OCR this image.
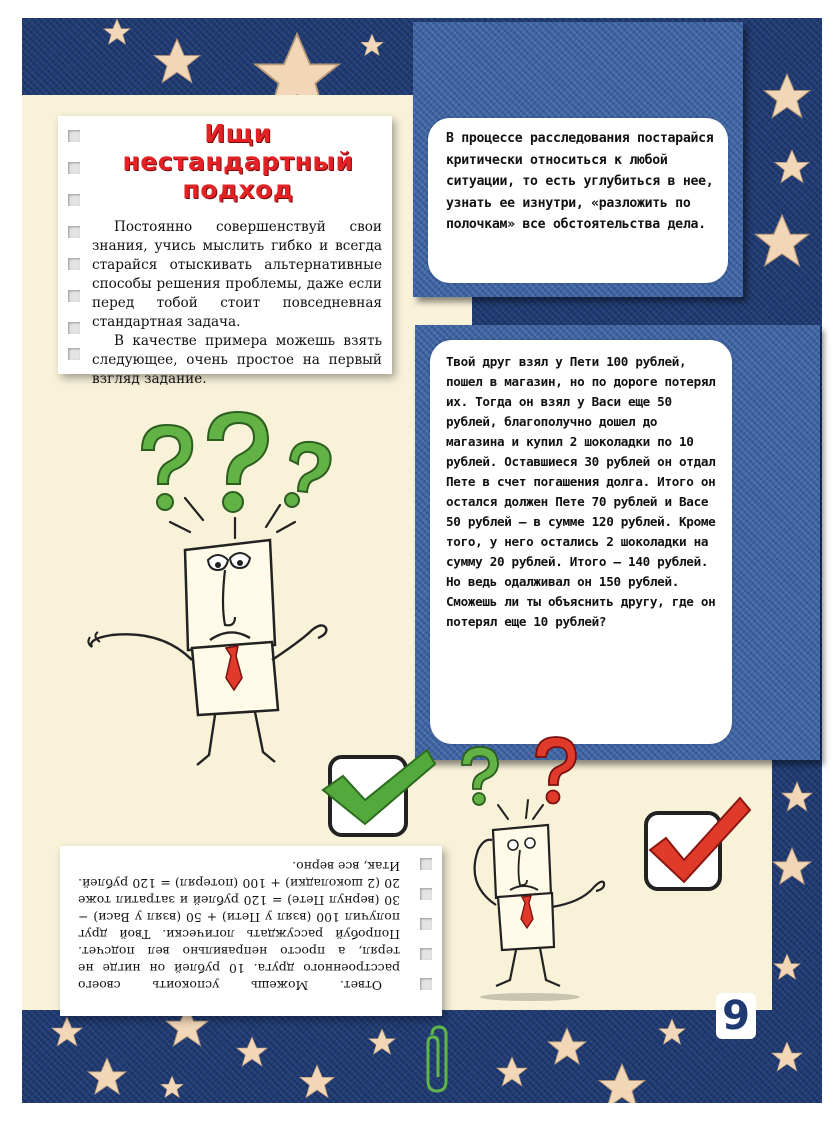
В процессе расследования постарайся критически относиться к любой ситуации, то есть углубиться в нее, узнать ее изнутри, «разложить по полочкам» все обстоятельства дела.

Твой друг взял у Пети 100 рублей, пошел в магазин, но по дороге потерял их. Тогда он взял у Васи еще 50 рублей, благополучно дошел до магазина и купил 2 шоколадки по 10 рублей. Оставшиеся 30 рублей он отдал Пете в счет погашения долга. Итого он остался должен Пете 70 рублей и Васе 50 рублей — в сумме 120 рублей. Кроме того, у него остались 2 шоколадки на сумму 20 рублей. Итого — 140 рублей. Но ведь одалживал он 150 рублей. Сможешь ли ты объяснить другу, где он потерял еще 10 рублей?

Ищи
нестандартный
подход

Постоянно совершенствуй свои знания, учись мыслить гибко и всегда старайся отыскивать альтернативные способы решения проблемы, даже если перед тобой стоит повседневная стандартная задача.

В качестве примера можешь взять следующее, очень простое на первый взгляд задание.

Ответ. Можешь успокоить своего расстроенного друга. 10 рублей он нигде не терял, а просто неправильно вел подсчет. Попробуй рассуждать логически. Твой друг получил 100 (взял у Пети) + 50 (взял у Васи) − 30 (вернул Пете) = 120 рублей и затратил тоже 20 (2 шоколадки) + 100 (потерял) = 120 рублей. Итак, все верно.

9
